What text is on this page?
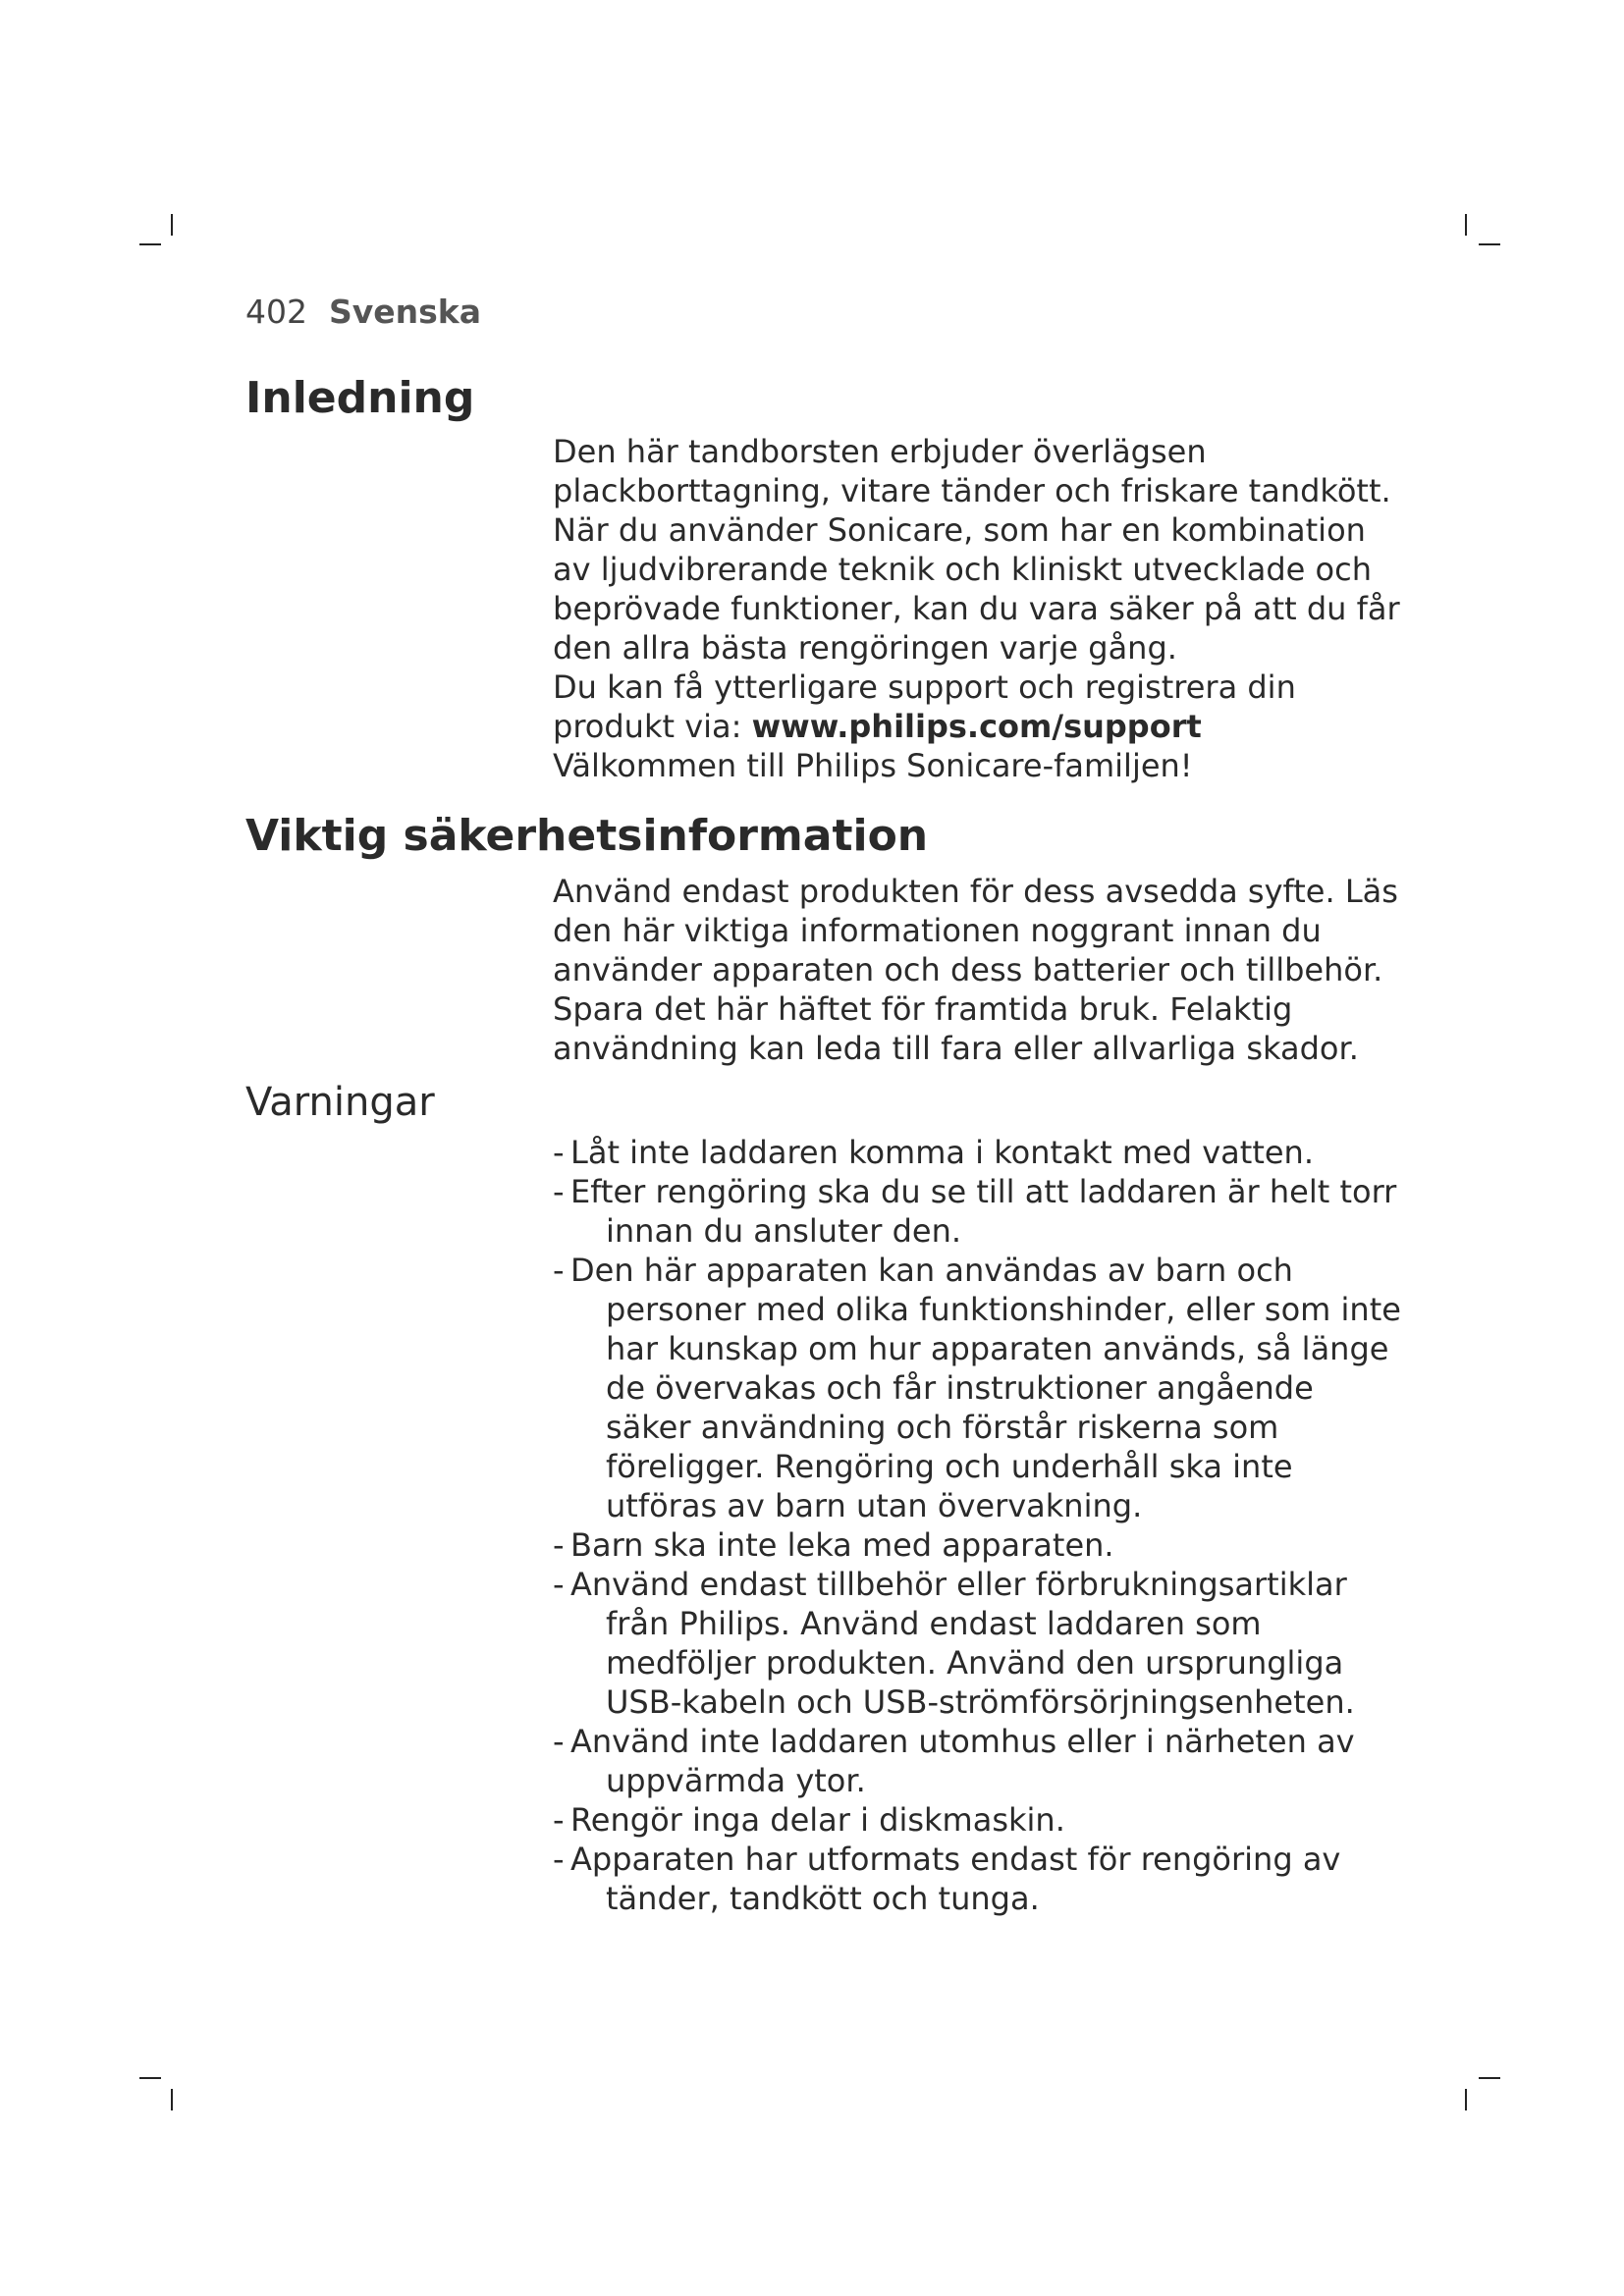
402 Svenska
Inledning

Den här tandborsten erbjuder överlägsen plackborttagning, vitare tänder och friskare tandkött. När du använder Sonicare, som har en kombination av ljudvibrerande teknik och kliniskt utvecklade och beprövade funktioner, kan du vara säker på att du får den allra bästa rengöringen varje gång.

Du kan få ytterligare support och registrera din produkt via: www.philips.com/support

Välkommen till Philips Sonicare-familjen!

Viktig säkerhetsinformation

Använd endast produkten för dess avsedda syfte. Läs den här viktiga informationen noggrant innan du använder apparaten och dess batterier och tillbehör. Spara det här häftet för framtida bruk. Felaktig användning kan leda till fara eller allvarliga skador.

Varningar
- Låt inte laddaren komma i kontakt med vatten.
- Efter rengöring ska du se till att laddaren är helt torr innan du ansluter den.
- Den här apparaten kan användas av barn och personer med olika funktionshinder, eller som inte har kunskap om hur apparaten används, så länge de övervakas och får instruktioner angående säker användning och förstår riskerna som föreligger. Rengöring och underhåll ska inte utföras av barn utan övervakning.
- Barn ska inte leka med apparaten.
- Använd endast tillbehör eller förbrukningsartiklar från Philips. Använd endast laddaren som medföljer produkten. Använd den ursprungliga USB-kabeln och USB-strömförsörjningsenheten.
- Använd inte laddaren utomhus eller i närheten av uppvärmda ytor.
- Rengör inga delar i diskmaskin.
- Apparaten har utformats endast för rengöring av tänder, tandkött och tunga.
